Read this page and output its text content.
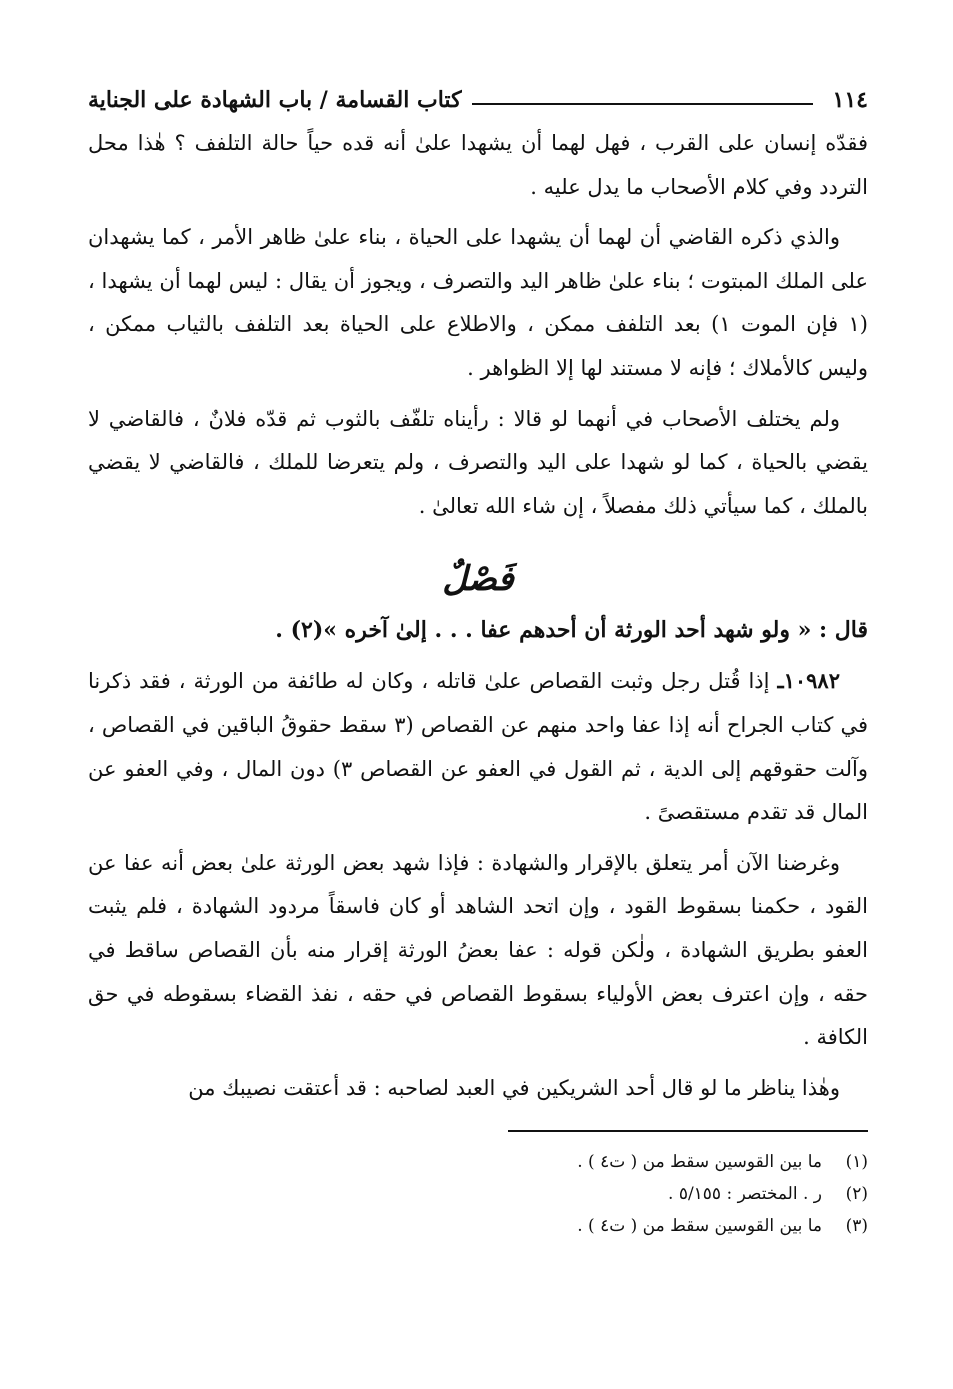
١١٤
كتاب القسامة / باب الشهادة على الجناية

فقدّه إنسان على القرب ، فهل لهما أن يشهدا علىٰ أنه قده حياً حالة التلفف ؟ هٰذا محل التردد وفي كلام الأصحاب ما يدل عليه .

والذي ذكره القاضي أن لهما أن يشهدا على الحياة ، بناء علىٰ ظاهر الأمر ، كما يشهدان على الملك المبتوت ؛ بناء علىٰ ظاهر اليد والتصرف ، ويجوز أن يقال : ليس لهما أن يشهدا ، (١ فإن الموت ١) بعد التلفف ممكن ، والاطلاع على الحياة بعد التلفف بالثياب ممكن ، وليس كالأملاك ؛ فإنه لا مستند لها إلا الظواهر .

ولم يختلف الأصحاب في أنهما لو قالا : رأيناه تلفّف بالثوب ثم قدّه فلانٌ ، فالقاضي لا يقضي بالحياة ، كما لو شهدا على اليد والتصرف ، ولم يتعرضا للملك ، فالقاضي لا يقضي بالملك ، كما سيأتي ذلك مفصلاً ، إن شاء الله تعالىٰ .

فَصْلٌ

قال : « ولو شهد أحد الورثة أن أحدهم عفا . . . إلىٰ آخره »(٢) .

١٠٩٨٢ـ إذا قُتل رجل وثبت القصاص علىٰ قاتله ، وكان له طائفة من الورثة ، فقد ذكرنا في كتاب الجراح أنه إذا عفا واحد منهم عن القصاص (٣ سقط حقوقُ الباقين في القصاص ، وآلت حقوقهم إلى الدية ، ثم القول في العفو عن القصاص ٣) دون المال ، وفي العفو عن المال قد تقدم مستقصىً .

وغرضنا الآن أمر يتعلق بالإقرار والشهادة : فإذا شهد بعض الورثة علىٰ بعض أنه عفا عن القود ، حكمنا بسقوط القود ، وإن اتحد الشاهد أو كان فاسقاً مردود الشهادة ، فلم يثبت العفو بطريق الشهادة ، ولٰكن قوله : عفا بعضُ الورثة إقرار منه بأن القصاص ساقط في حقه ، وإن اعترف بعض الأولياء بسقوط القصاص في حقه ، نفذ القضاء بسقوطه في حق الكافة .

وهٰذا يناظر ما لو قال أحد الشريكين في العبد لصاحبه : قد أعتقت نصيبك من

(١)
ما بين القوسين سقط من ( ت٤ ) .
(٢)
ر . المختصر : ٥/١٥٥ .
(٣)
ما بين القوسين سقط من ( ت٤ ) .
